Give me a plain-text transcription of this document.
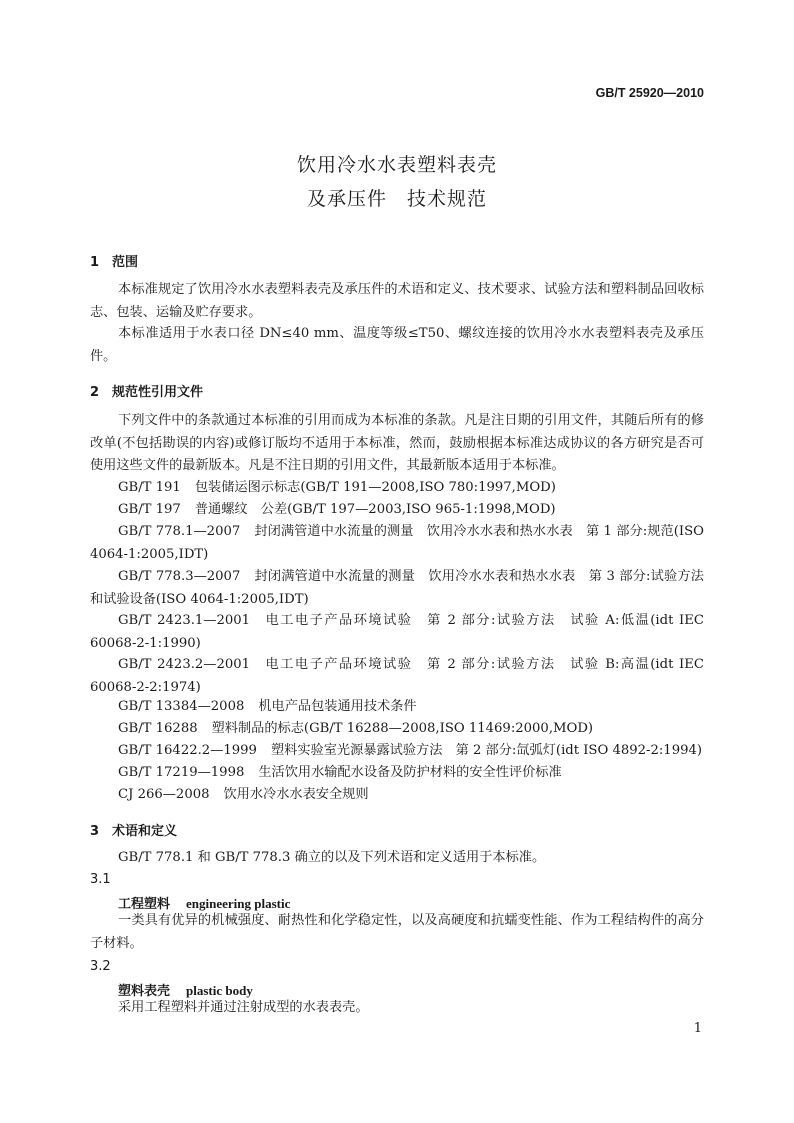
GB/T 25920—2010
饮用冷水水表塑料表壳
及承压件　技术规范
1 范围
本标准规定了饮用冷水水表塑料表壳及承压件的术语和定义、技术要求、试验方法和塑料制品回收标志、包装、运输及贮存要求。
本标准适用于水表口径 DN≤40 mm、温度等级≤T50、螺纹连接的饮用冷水水表塑料表壳及承压件。
2 规范性引用文件
下列文件中的条款通过本标准的引用而成为本标准的条款。凡是注日期的引用文件，其随后所有的修改单(不包括勘误的内容)或修订版均不适用于本标准，然而，鼓励根据本标准达成协议的各方研究是否可使用这些文件的最新版本。凡是不注日期的引用文件，其最新版本适用于本标准。
GB/T 191 包装储运图示标志(GB/T 191—2008,ISO 780:1997,MOD)
GB/T 197 普通螺纹　公差(GB/T 197—2003,ISO 965-1:1998,MOD)
GB/T 778.1—2007 封闭满管道中水流量的测量　饮用冷水水表和热水水表　第 1 部分:规范(ISO 4064-1:2005,IDT)
GB/T 778.3—2007 封闭满管道中水流量的测量　饮用冷水水表和热水水表　第 3 部分:试验方法和试验设备(ISO 4064-1:2005,IDT)
GB/T 2423.1—2001 电工电子产品环境试验　第 2 部分:试验方法　试验 A:低温(idt IEC 60068-2-1:1990)
GB/T 2423.2—2001 电工电子产品环境试验　第 2 部分:试验方法　试验 B:高温(idt IEC 60068-2-2:1974)
GB/T 13384—2008 机电产品包装通用技术条件
GB/T 16288 塑料制品的标志(GB/T 16288—2008,ISO 11469:2000,MOD)
GB/T 16422.2—1999 塑料实验室光源暴露试验方法　第 2 部分:氙弧灯(idt ISO 4892-2:1994)
GB/T 17219—1998 生活饮用水输配水设备及防护材料的安全性评价标准
CJ 266—2008 饮用水冷水水表安全规则
3 术语和定义
GB/T 778.1 和 GB/T 778.3 确立的以及下列术语和定义适用于本标准。
3.1
工程塑料 engineering plastic
一类具有优异的机械强度、耐热性和化学稳定性，以及高硬度和抗蠕变性能、作为工程结构件的高分子材料。
3.2
塑料表壳 plastic body
采用工程塑料并通过注射成型的水表表壳。
1
